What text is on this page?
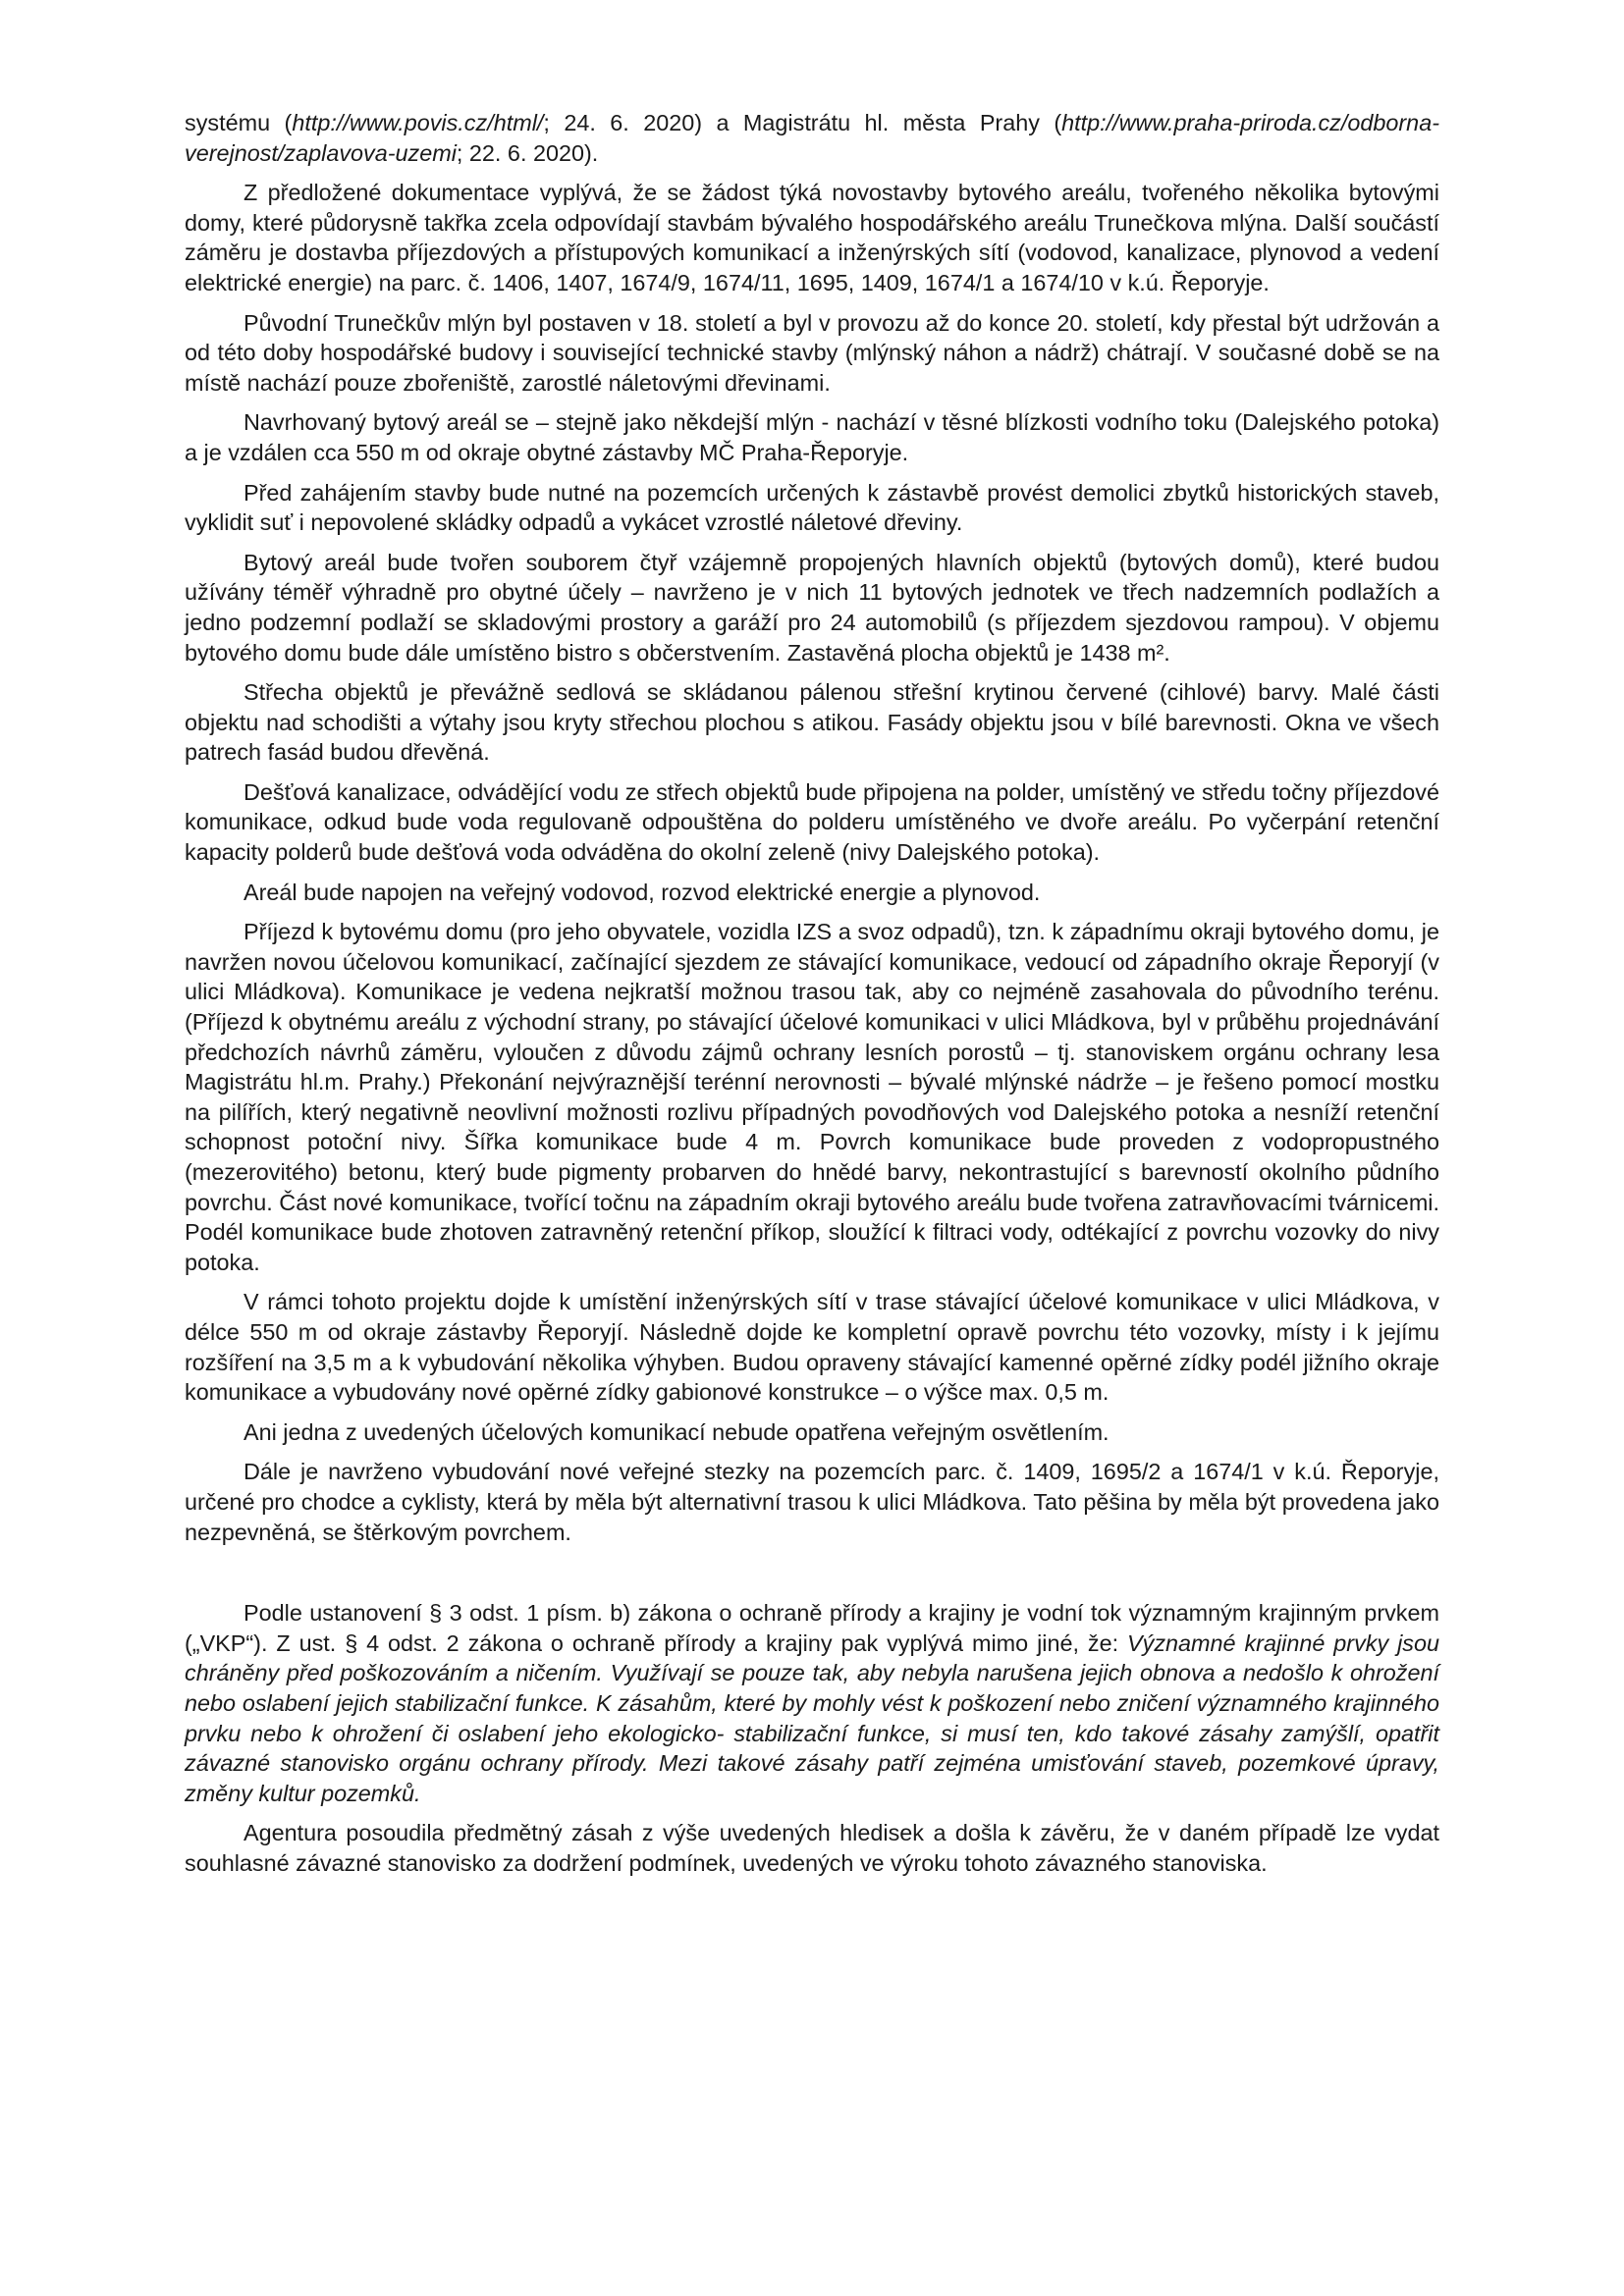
systému (http://www.povis.cz/html/; 24. 6. 2020) a Magistrátu hl. města Prahy (http://www.praha-priroda.cz/odborna-verejnost/zaplavova-uzemi; 22. 6. 2020).

Z předložené dokumentace vyplývá, že se žádost týká novostavby bytového areálu, tvořeného několika bytovými domy, které půdorysně takřka zcela odpovídají stavbám bývalého hospodářského areálu Trunečkova mlýna. Další součástí záměru je dostavba příjezdových a přístupových komunikací a inženýrských sítí (vodovod, kanalizace, plynovod a vedení elektrické energie) na parc. č. 1406, 1407, 1674/9, 1674/11, 1695, 1409, 1674/1 a 1674/10 v k.ú. Řeporyje.

Původní Trunečkův mlýn byl postaven v 18. století a byl v provozu až do konce 20. století, kdy přestal být udržován a od této doby hospodářské budovy i související technické stavby (mlýnský náhon a nádrž) chátrají. V současné době se na místě nachází pouze zbořeniště, zarostlé náletovými dřevinami.

Navrhovaný bytový areál se – stejně jako někdejší mlýn - nachází v těsné blízkosti vodního toku (Dalejského potoka) a je vzdálen cca 550 m od okraje obytné zástavby MČ Praha-Řeporyje.

Před zahájením stavby bude nutné na pozemcích určených k zástavbě provést demolici zbytků historických staveb, vyklidit suť i nepovolené skládky odpadů a vykácet vzrostlé náletové dřeviny.

Bytový areál bude tvořen souborem čtyř vzájemně propojených hlavních objektů (bytových domů), které budou užívány téměř výhradně pro obytné účely – navrženo je v nich 11 bytových jednotek ve třech nadzemních podlažích a jedno podzemní podlaží se skladovými prostory a garáží pro 24 automobilů (s příjezdem sjezdovou rampou). V objemu bytového domu bude dále umístěno bistro s občerstvením. Zastavěná plocha objektů je 1438 m².

Střecha objektů je převážně sedlová se skládanou pálenou střešní krytinou červené (cihlové) barvy. Malé části objektu nad schodišti a výtahy jsou kryty střechou plochou s atikou. Fasády objektu jsou v bílé barevnosti. Okna ve všech patrech fasád budou dřevěná.

Dešťová kanalizace, odvádějící vodu ze střech objektů bude připojena na polder, umístěný ve středu točny příjezdové komunikace, odkud bude voda regulovaně odpouštěna do polderu umístěného ve dvoře areálu. Po vyčerpání retenční kapacity polderů bude dešťová voda odváděna do okolní zeleně (nivy Dalejského potoka).

Areál bude napojen na veřejný vodovod, rozvod elektrické energie a plynovod.

Příjezd k bytovému domu (pro jeho obyvatele, vozidla IZS a svoz odpadů), tzn. k západnímu okraji bytového domu, je navržen novou účelovou komunikací, začínající sjezdem ze stávající komunikace, vedoucí od západního okraje Řeporyjí (v ulici Mládkova). Komunikace je vedena nejkratší možnou trasou tak, aby co nejméně zasahovala do původního terénu. (Příjezd k obytnému areálu z východní strany, po stávající účelové komunikaci v ulici Mládkova, byl v průběhu projednávání předchozích návrhů záměru, vyloučen z důvodu zájmů ochrany lesních porostů – tj. stanoviskem orgánu ochrany lesa Magistrátu hl.m. Prahy.) Překonání nejvýraznější terénní nerovnosti – bývalé mlýnské nádrže – je řešeno pomocí mostku na pilířích, který negativně neovlivní možnosti rozlivu případných povodňových vod Dalejského potoka a nesníží retenční schopnost potoční nivy. Šířka komunikace bude 4 m. Povrch komunikace bude proveden z vodopropustného (mezerovitého) betonu, který bude pigmenty probarven do hnědé barvy, nekontrastující s barevností okolního půdního povrchu. Část nové komunikace, tvořící točnu na západním okraji bytového areálu bude tvořena zatravňovacími tvárnicemi. Podél komunikace bude zhotoven zatravněný retenční příkop, sloužící k filtraci vody, odtékající z povrchu vozovky do nivy potoka.

V rámci tohoto projektu dojde k umístění inženýrských sítí v trase stávající účelové komunikace v ulici Mládkova, v délce 550 m od okraje zástavby Řeporyjí. Následně dojde ke kompletní opravě povrchu této vozovky, místy i k jejímu rozšíření na 3,5 m a k vybudování několika výhyben. Budou opraveny stávající kamenné opěrné zídky podél jižního okraje komunikace a vybudovány nové opěrné zídky gabionové konstrukce – o výšce max. 0,5 m.

Ani jedna z uvedených účelových komunikací nebude opatřena veřejným osvětlením.

Dále je navrženo vybudování nové veřejné stezky na pozemcích parc. č. 1409, 1695/2 a 1674/1 v k.ú. Řeporyje, určené pro chodce a cyklisty, která by měla být alternativní trasou k ulici Mládkova. Tato pěšina by měla být provedena jako nezpevněná, se štěrkovým povrchem.

Podle ustanovení § 3 odst. 1 písm. b) zákona o ochraně přírody a krajiny je vodní tok významným krajinným prvkem („VKP“). Z ust. § 4 odst. 2 zákona o ochraně přírody a krajiny pak vyplývá mimo jiné, že: Významné krajinné prvky jsou chráněny před poškozováním a ničením. Využívají se pouze tak, aby nebyla narušena jejich obnova a nedošlo k ohrožení nebo oslabení jejich stabilizační funkce. K zásahům, které by mohly vést k poškození nebo zničení významného krajinného prvku nebo k ohrožení či oslabení jeho ekologicko- stabilizační funkce, si musí ten, kdo takové zásahy zamýšlí, opatřit závazné stanovisko orgánu ochrany přírody. Mezi takové zásahy patří zejména umisťování staveb, pozemkové úpravy, změny kultur pozemků.

Agentura posoudila předmětný zásah z výše uvedených hledisek a došla k závěru, že v daném případě lze vydat souhlasné závazné stanovisko za dodržení podmínek, uvedených ve výroku tohoto závazného stanoviska.
